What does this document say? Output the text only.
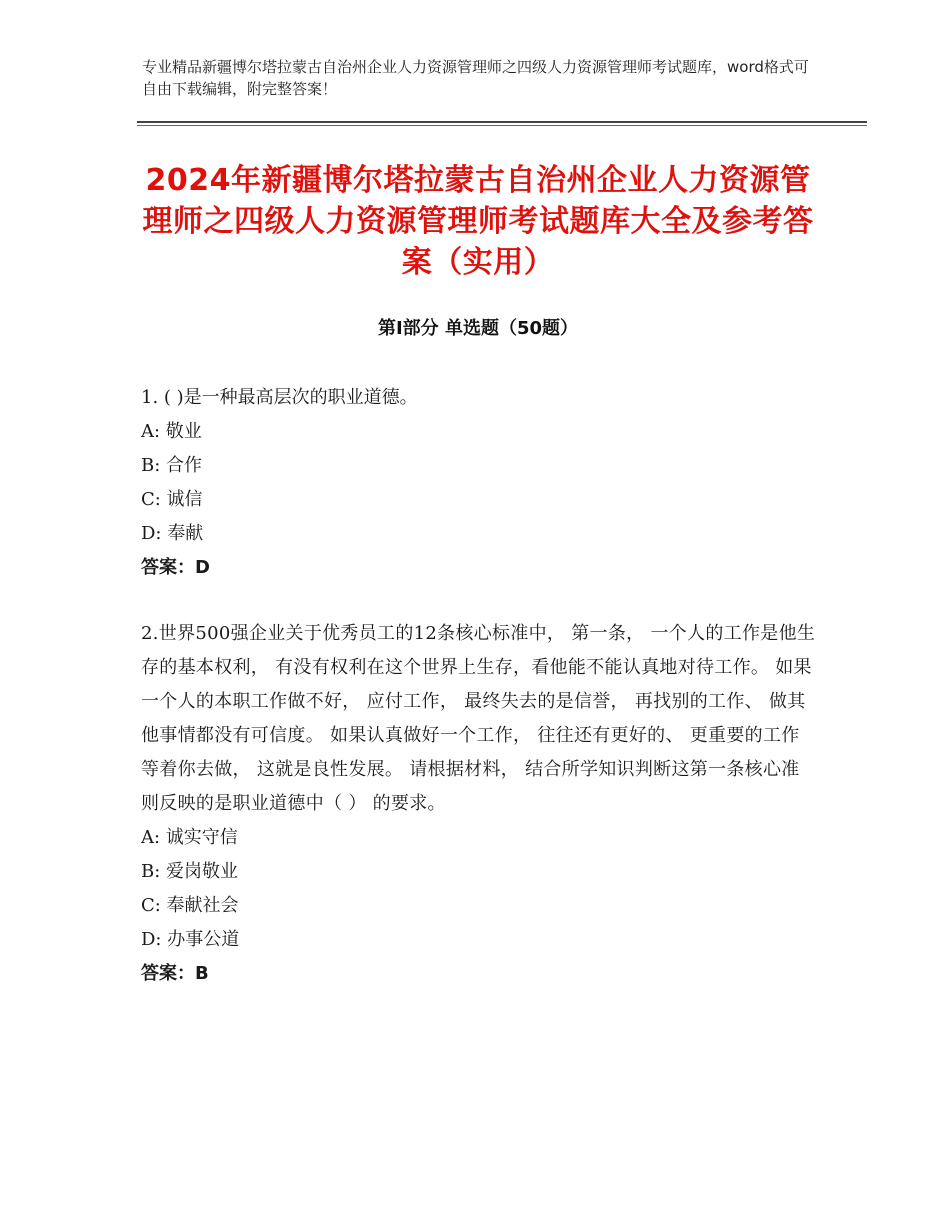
专业精品新疆博尔塔拉蒙古自治州企业人力资源管理师之四级人力资源管理师考试题库，word格式可自由下载编辑，附完整答案！
2024年新疆博尔塔拉蒙古自治州企业人力资源管理师之四级人力资源管理师考试题库大全及参考答案（实用）
第Ⅰ部分 单选题（50题）

1. ( )是一种最高层次的职业道德。

A: 敬业

B: 合作

C: 诚信

D: 奉献

答案：D

2.世界500强企业关于优秀员工的12条核心标准中， 第一条， 一个人的工作是他生存的基本权利， 有没有权利在这个世界上生存，看他能不能认真地对待工作。 如果一个人的本职工作做不好， 应付工作， 最终失去的是信誉， 再找别的工作、 做其他事情都没有可信度。 如果认真做好一个工作， 往往还有更好的、 更重要的工作等着你去做， 这就是良性发展。 请根据材料， 结合所学知识判断这第一条核心准则反映的是职业道德中（ ） 的要求。

A: 诚实守信

B: 爱岗敬业

C: 奉献社会

D: 办事公道

答案：B
